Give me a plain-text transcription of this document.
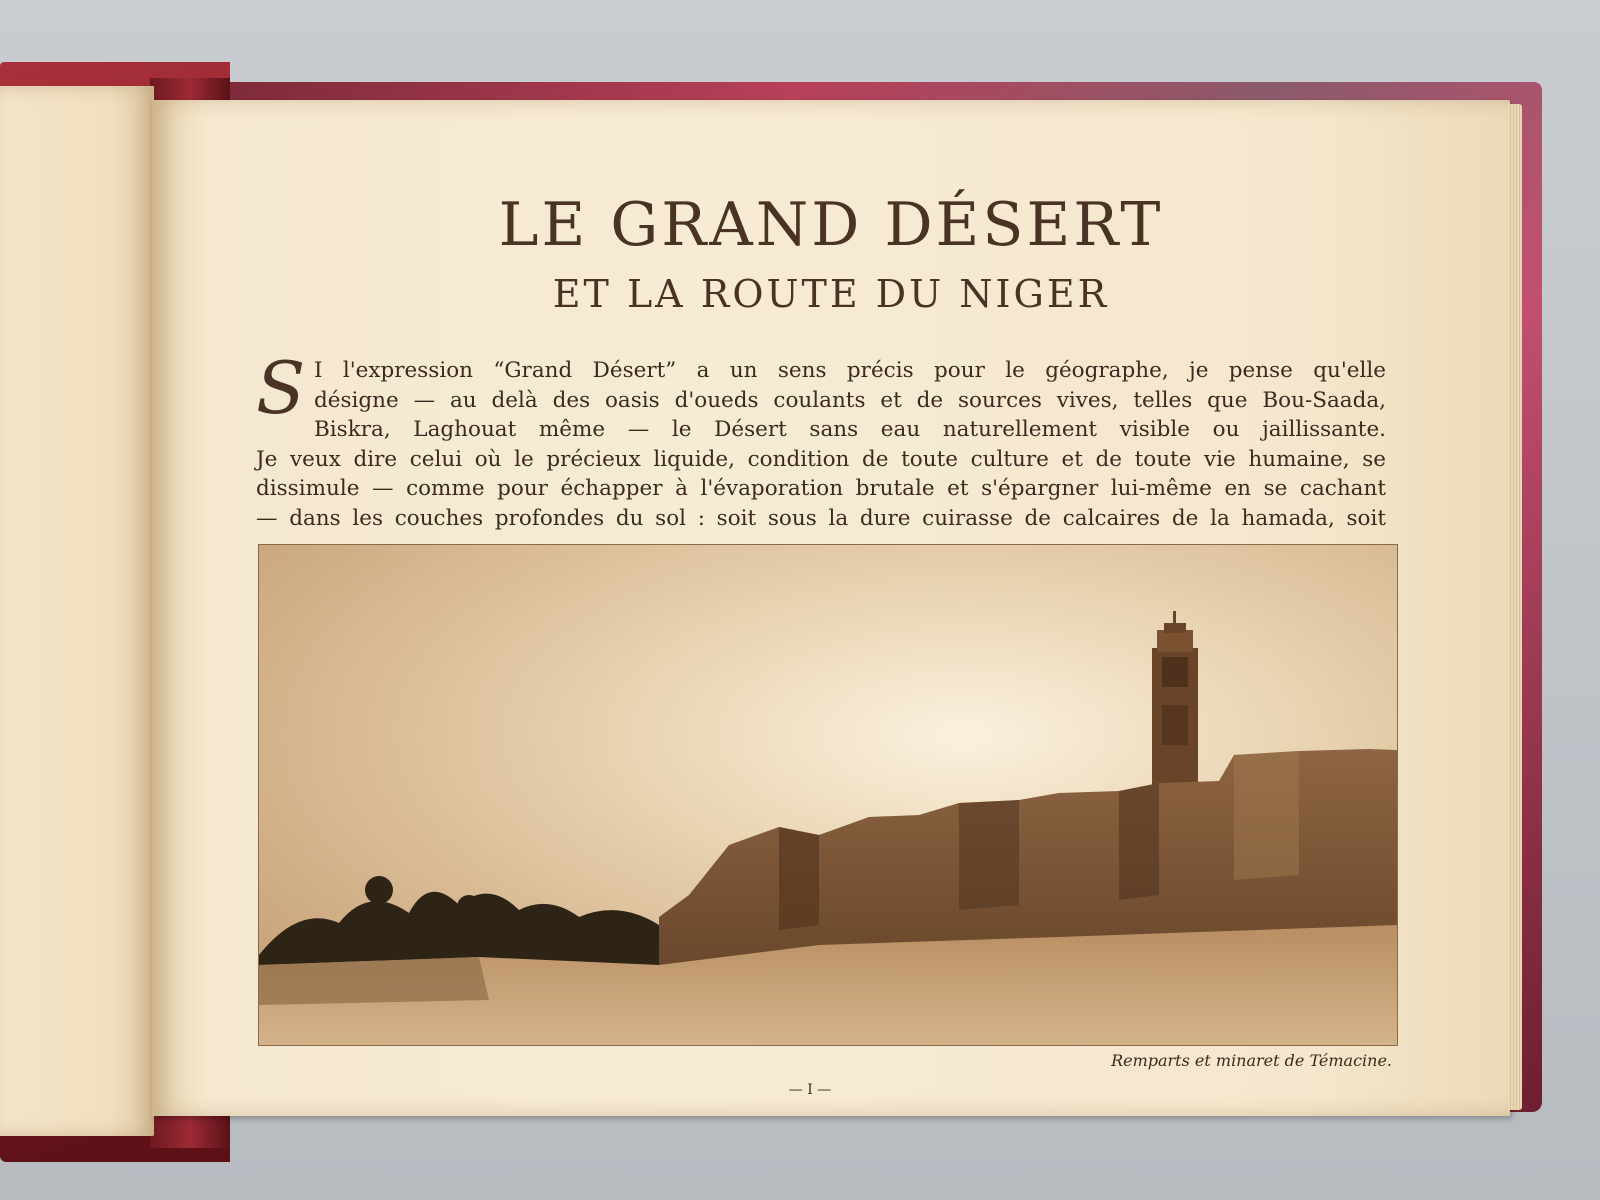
LE GRAND DÉSERT
ET LA ROUTE DU NIGER
S I l'expression “Grand Désert” a un sens précis pour le géographe, je pense qu'elle
désigne — au delà des oasis d'oueds coulants et de sources vives, telles que Bou-Saada,
Biskra, Laghouat même — le Désert sans eau naturellement visible ou jaillissante.
Je veux dire celui où le précieux liquide, condition de toute culture et de toute vie humaine, se
dissimule — comme pour échapper à l'évaporation brutale et s'épargner lui-même en se cachant
— dans les couches profondes du sol : soit sous la dure cuirasse de calcaires de la hamada, soit

Remparts et minaret de Témacine.
— I —
